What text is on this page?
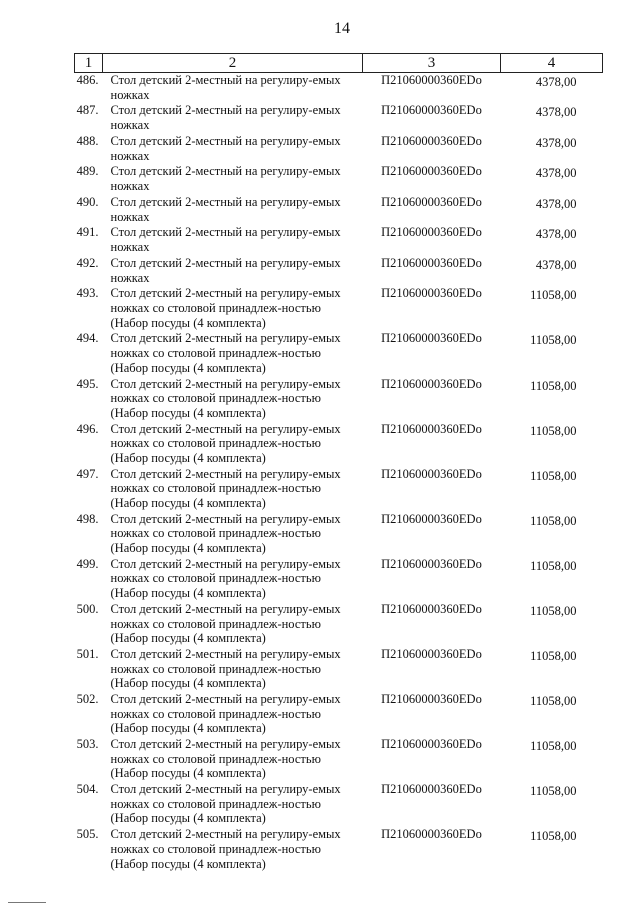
14
1	2	3	4
486.	Стол детский 2-местный на регулиру-емых ножках	П21060000360EDo	4378,00
487.	Стол детский 2-местный на регулиру-емых ножках	П21060000360EDo	4378,00
488.	Стол детский 2-местный на регулиру-емых ножках	П21060000360EDo	4378,00
489.	Стол детский 2-местный на регулиру-емых ножках	П21060000360EDo	4378,00
490.	Стол детский 2-местный на регулиру-емых ножках	П21060000360EDo	4378,00
491.	Стол детский 2-местный на регулиру-емых ножках	П21060000360EDo	4378,00
492.	Стол детский 2-местный на регулиру-емых ножках	П21060000360EDo	4378,00
493.	Стол детский 2-местный на регулиру-емых ножках со столовой принадлеж-ностью (Набор посуды (4 комплекта)	П21060000360EDo	11058,00
494.	Стол детский 2-местный на регулиру-емых ножках со столовой принадлеж-ностью (Набор посуды (4 комплекта)	П21060000360EDo	11058,00
495.	Стол детский 2-местный на регулиру-емых ножках со столовой принадлеж-ностью (Набор посуды (4 комплекта)	П21060000360EDo	11058,00
496.	Стол детский 2-местный на регулиру-емых ножках со столовой принадлеж-ностью (Набор посуды (4 комплекта)	П21060000360EDo	11058,00
497.	Стол детский 2-местный на регулиру-емых ножках со столовой принадлеж-ностью (Набор посуды (4 комплекта)	П21060000360EDo	11058,00
498.	Стол детский 2-местный на регулиру-емых ножках со столовой принадлеж-ностью (Набор посуды (4 комплекта)	П21060000360EDo	11058,00
499.	Стол детский 2-местный на регулиру-емых ножках со столовой принадлеж-ностью (Набор посуды (4 комплекта)	П21060000360EDo	11058,00
500.	Стол детский 2-местный на регулиру-емых ножках со столовой принадлеж-ностью (Набор посуды (4 комплекта)	П21060000360EDo	11058,00
501.	Стол детский 2-местный на регулиру-емых ножках со столовой принадлеж-ностью (Набор посуды (4 комплекта)	П21060000360EDo	11058,00
502.	Стол детский 2-местный на регулиру-емых ножках со столовой принадлеж-ностью (Набор посуды (4 комплекта)	П21060000360EDo	11058,00
503.	Стол детский 2-местный на регулиру-емых ножках со столовой принадлеж-ностью (Набор посуды (4 комплекта)	П21060000360EDo	11058,00
504.	Стол детский 2-местный на регулиру-емых ножках со столовой принадлеж-ностью (Набор посуды (4 комплекта)	П21060000360EDo	11058,00
505.	Стол детский 2-местный на регулиру-емых ножках со столовой принадлеж-ностью (Набор посуды (4 комплекта)	П21060000360EDo	11058,00
